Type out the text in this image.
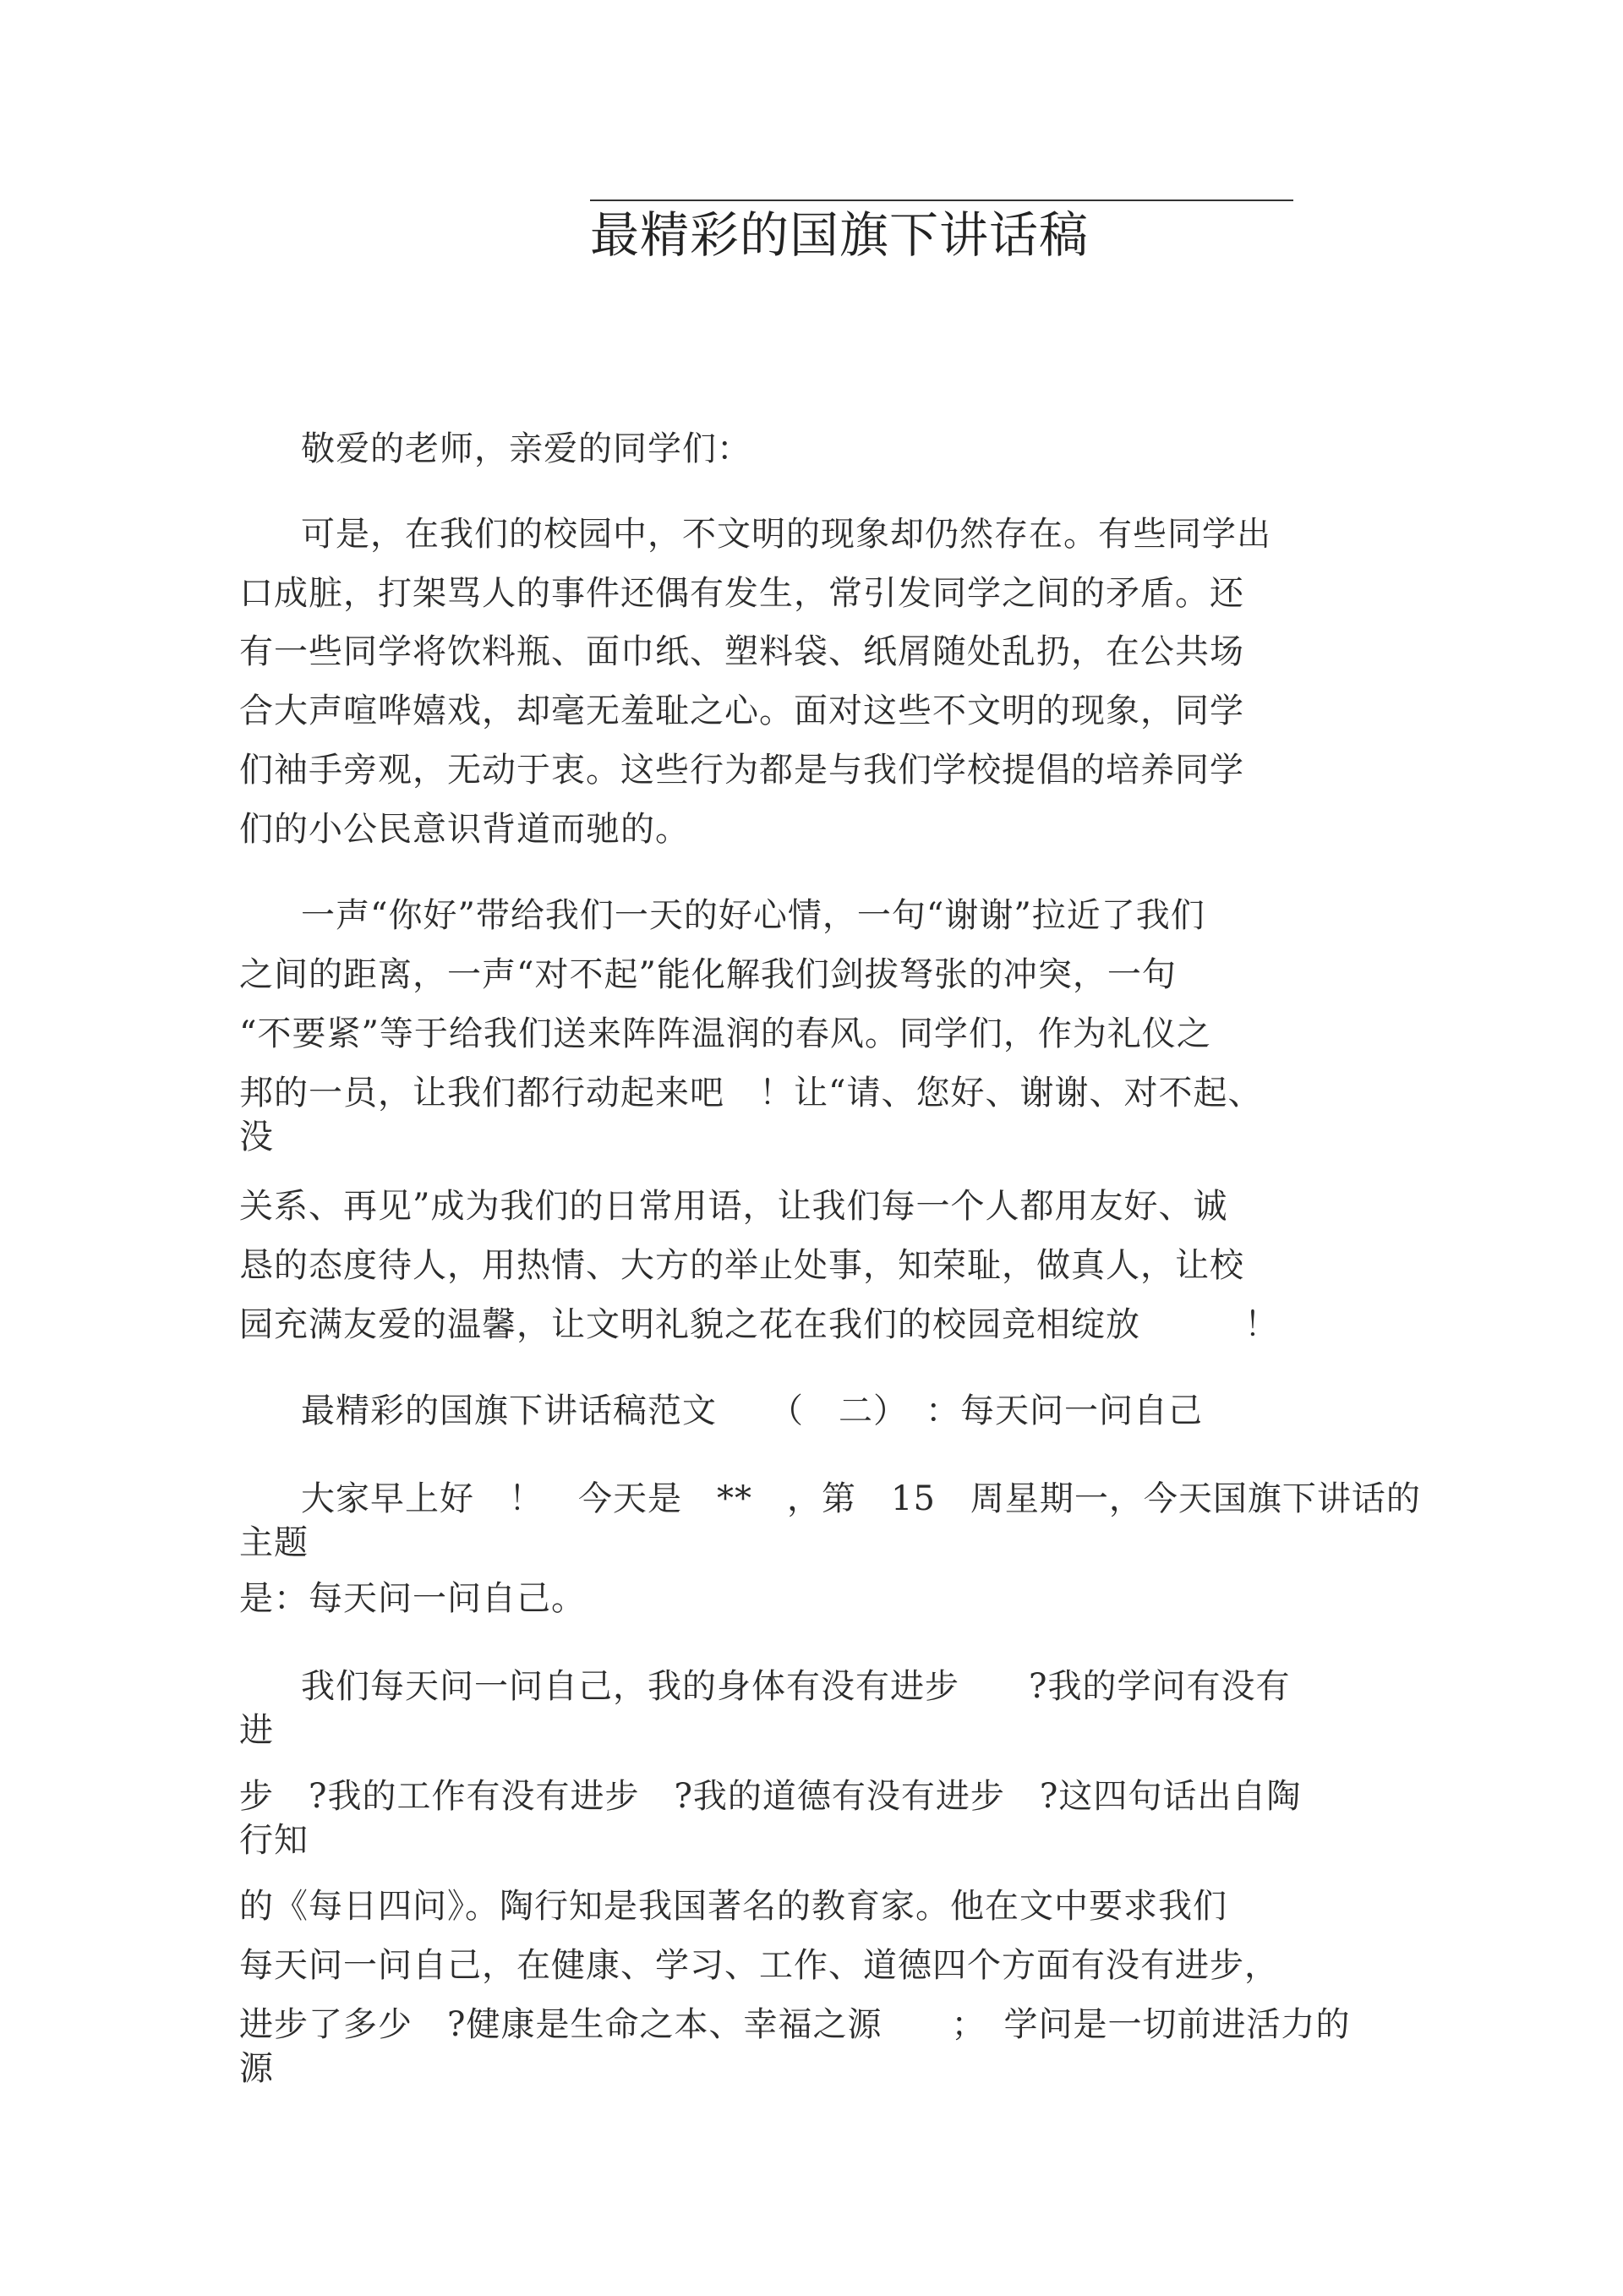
最精彩的国旗下讲话稿
敬爱的老师，亲爱的同学们：
可是，在我们的校园中，不文明的现象却仍然存在。有些同学出
口成脏，打架骂人的事件还偶有发生，常引发同学之间的矛盾。还
有一些同学将饮料瓶、面巾纸、塑料袋、纸屑随处乱扔，在公共场
合大声喧哗嬉戏，却毫无羞耻之心。面对这些不文明的现象，同学
们袖手旁观，无动于衷。这些行为都是与我们学校提倡的培养同学
们的小公民意识背道而驰的。
一声“你好”带给我们一天的好心情，一句“谢谢”拉近了我们
之间的距离，一声“对不起”能化解我们剑拔弩张的冲突，一句
“不要紧”等于给我们送来阵阵温润的春风。同学们，作为礼仪之
邦的一员，让我们都行动起来吧　！让“请、您好、谢谢、对不起、
没
关系、再见”成为我们的日常用语，让我们每一个人都用友好、诚
恳的态度待人，用热情、大方的举止处事，知荣耻，做真人，让校
园充满友爱的温馨，让文明礼貌之花在我们的校园竞相绽放　　　！
最精彩的国旗下讲话稿范文　　（　二）　：每天问一问自己
大家早上好　！　今天是　**　，第　15　周星期一，今天国旗下讲话的
主题
是：每天问一问自己。
我们每天问一问自己，我的身体有没有进步　　?我的学问有没有
进
步　?我的工作有没有进步　?我的道德有没有进步　?这四句话出自陶
行知
的《每日四问》。陶行知是我国著名的教育家。他在文中要求我们
每天问一问自己，在健康、学习、工作、道德四个方面有没有进步，
进步了多少　?健康是生命之本、幸福之源　　；　学问是一切前进活力的
源
